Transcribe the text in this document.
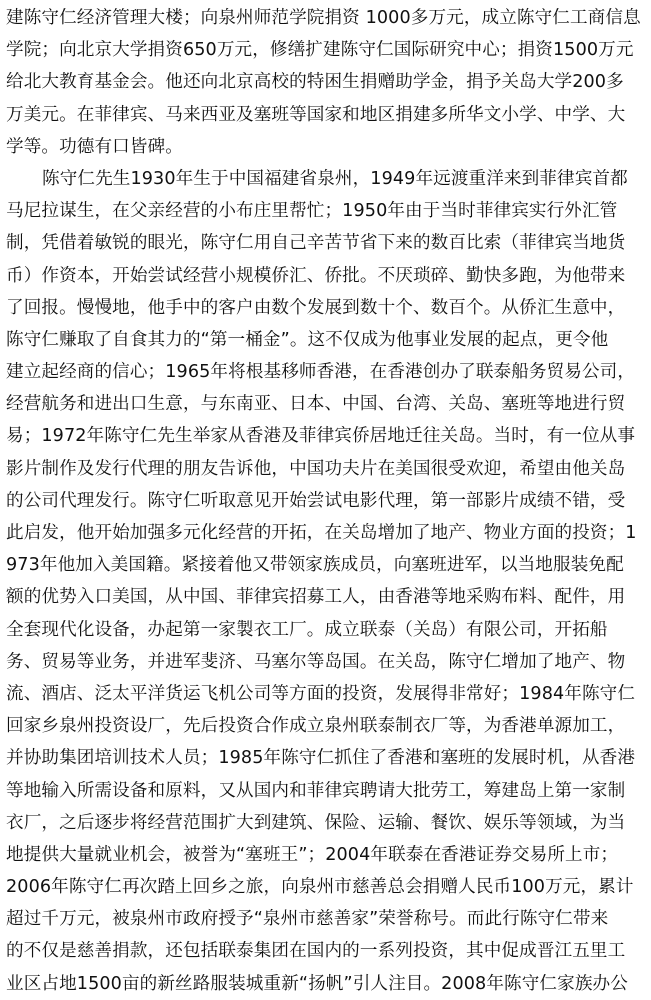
建陈守仁经济管理大楼；向泉州师范学院捐资 1000多万元，成立陈守仁工商信息
学院；向北京大学捐资650万元，修缮扩建陈守仁国际研究中心；捐资1500万元
给北大教育基金会。他还向北京高校的特困生捐赠助学金，捐予关岛大学200多
万美元。在菲律宾、马来西亚及塞班等国家和地区捐建多所华文小学、中学、大
学等。功德有口皆碑。
陈守仁先生1930年生于中国福建省泉州，1949年远渡重洋来到菲律宾首都
马尼拉谋生，在父亲经营的小布庄里帮忙；1950年由于当时菲律宾实行外汇管
制，凭借着敏锐的眼光，陈守仁用自己辛苦节省下来的数百比索（菲律宾当地货
币）作资本，开始尝试经营小规模侨汇、侨批。不厌琐碎、勤快多跑，为他带来
了回报。慢慢地，他手中的客户由数个发展到数十个、数百个。从侨汇生意中，
陈守仁赚取了自食其力的“第一桶金”。这不仅成为他事业发展的起点，更令他
建立起经商的信心；1965年将根基移师香港，在香港创办了联泰船务贸易公司，
经营航务和进出口生意，与东南亚、日本、中国、台湾、关岛、塞班等地进行贸
易；1972年陈守仁先生举家从香港及菲律宾侨居地迁往关岛。当时，有一位从事
影片制作及发行代理的朋友告诉他，中国功夫片在美国很受欢迎，希望由他关岛
的公司代理发行。陈守仁听取意见开始尝试电影代理，第一部影片成绩不错，受
此启发，他开始加强多元化经营的开拓，在关岛增加了地产、物业方面的投资；1
973年他加入美国籍。紧接着他又带领家族成员，向塞班进军，以当地服装免配
额的优势入口美国，从中国、菲律宾招募工人，由香港等地采购布料、配件，用
全套现代化设备，办起第一家製衣工厂。成立联泰（关岛）有限公司，开拓船
务、贸易等业务，并进军斐济、马塞尔等岛国。在关岛，陈守仁增加了地产、物
流、酒店、泛太平洋货运飞机公司等方面的投资，发展得非常好；1984年陈守仁
回家乡泉州投资设厂，先后投资合作成立泉州联泰制衣厂等，为香港单源加工，
并协助集团培训技术人员；1985年陈守仁抓住了香港和塞班的发展时机，从香港
等地输入所需设备和原料，又从国内和菲律宾聘请大批劳工，筹建岛上第一家制
衣厂，之后逐步将经营范围扩大到建筑、保险、运输、餐饮、娱乐等领域，为当
地提供大量就业机会，被誉为“塞班王”；2004年联泰在香港证券交易所上市；
2006年陈守仁再次踏上回乡之旅，向泉州市慈善总会捐赠人民币100万元，累计
超过千万元，被泉州市政府授予“泉州市慈善家”荣誉称号。而此行陈守仁带来
的不仅是慈善捐款，还包括联泰集团在国内的一系列投资，其中促成晋江五里工
业区占地1500亩的新丝路服装城重新“扬帆”引人注目。2008年陈守仁家族办公
